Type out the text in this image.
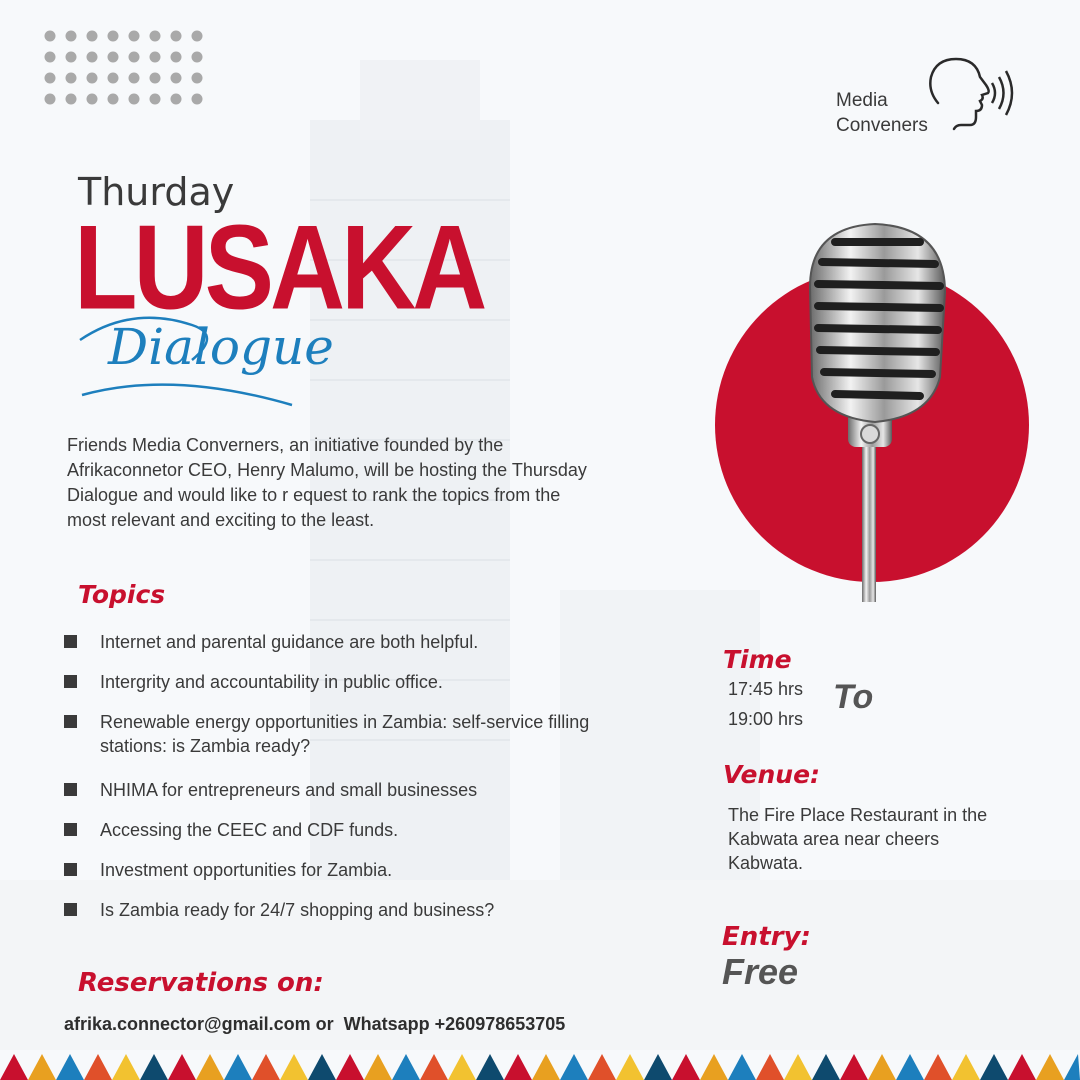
Media
Conveners
Thurday
LUSAKA
Dialogue
Friends Media Converners, an initiative founded by the Afrikaconnetor CEO, Henry Malumo, will be hosting the Thursday Dialogue and would like to r equest to rank the topics from the most relevant and exciting to the least.
Topics
Internet and parental guidance are both helpful.
Intergrity and accountability in public office.
Renewable energy opportunities in Zambia: self-service filling stations: is Zambia ready?
NHIMA for entrepreneurs and small businesses
Accessing the CEEC and CDF funds.
Investment opportunities for Zambia.
Is Zambia ready for 24/7 shopping and business?
Time
17:45 hrs
19:00 hrs
To
Venue:
The Fire Place Restaurant in the Kabwata area near cheers Kabwata.
Entry:
Free
Reservations on:
afrika.connector@gmail.com or Whatsapp +260978653705
